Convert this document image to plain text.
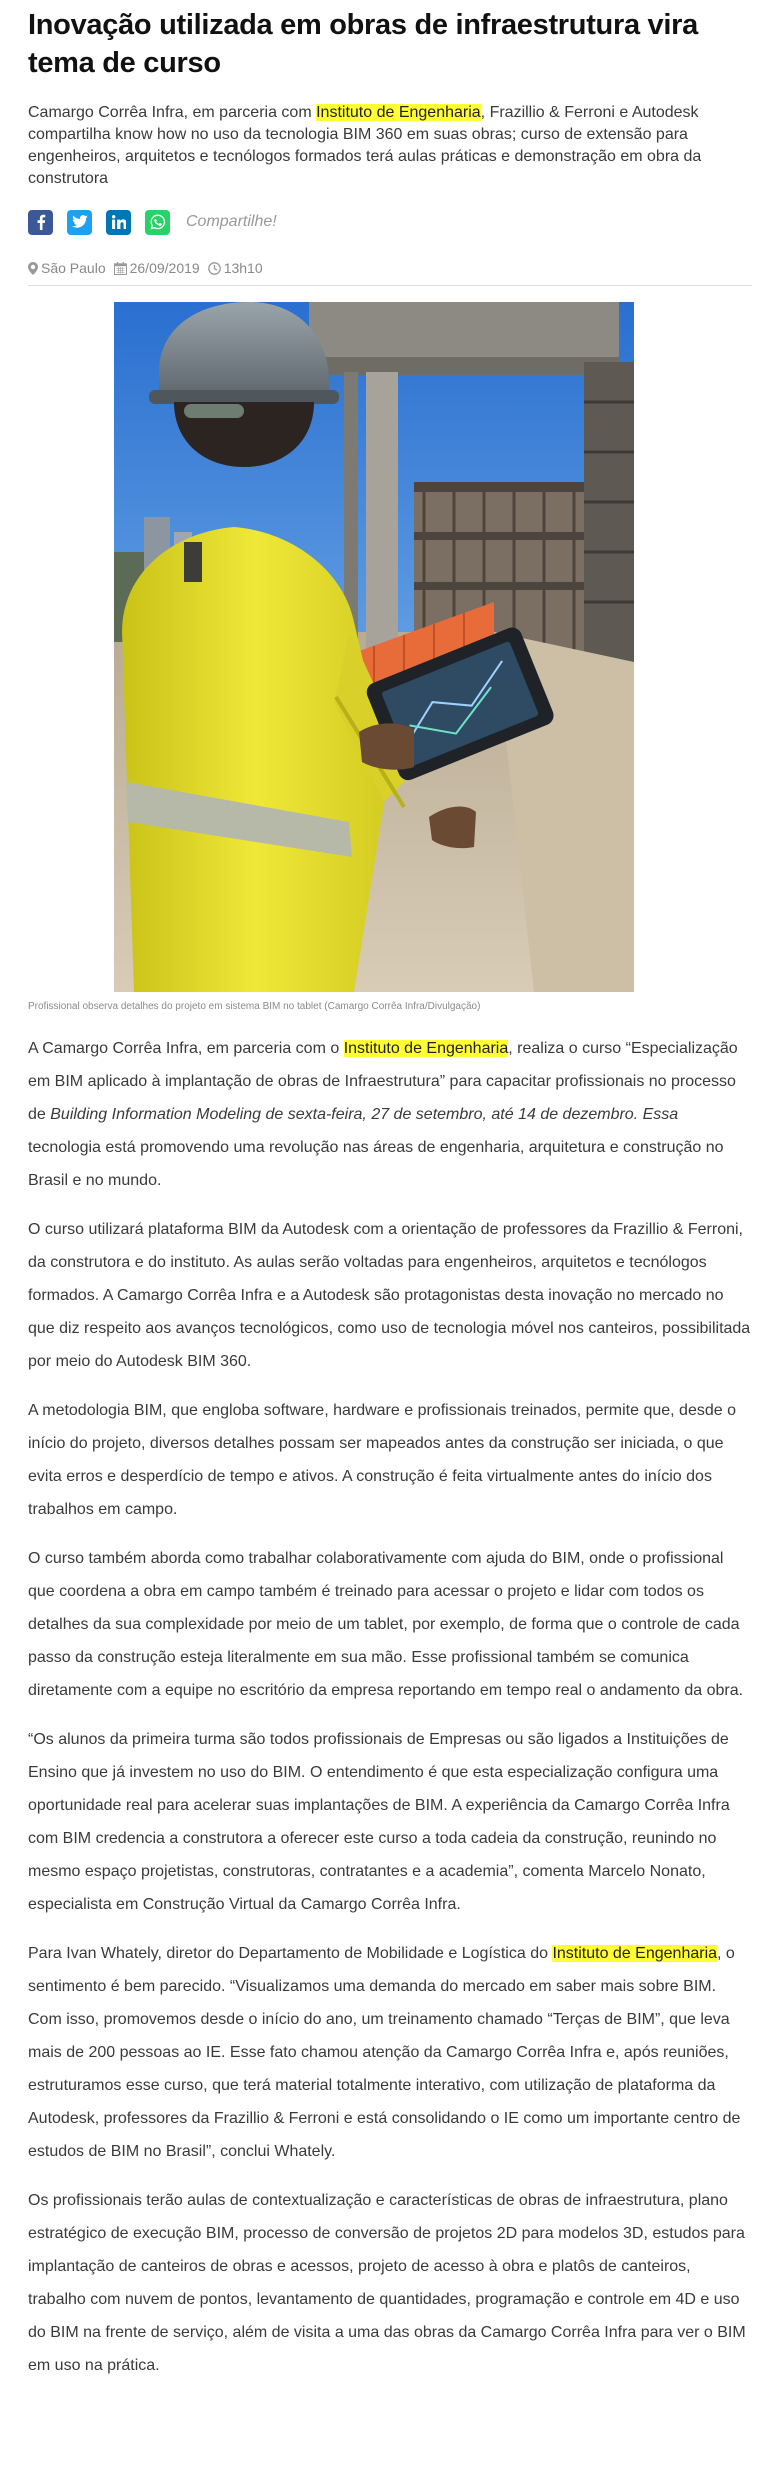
Inovação utilizada em obras de infraestrutura vira tema de curso

Camargo Corrêa Infra, em parceria com Instituto de Engenharia, Frazillio & Ferroni e Autodesk compartilha know how no uso da tecnologia BIM 360 em suas obras; curso de extensão para engenheiros, arquitetos e tecnólogos formados terá aulas práticas e demonstração em obra da construtora

Compartilhe!
São Paulo 26/09/2019 13h10

Profissional observa detalhes do projeto em sistema BIM no tablet (Camargo Corrêa Infra/Divulgação)

A Camargo Corrêa Infra, em parceria com o Instituto de Engenharia, realiza o curso “Especialização em BIM aplicado à implantação de obras de Infraestrutura” para capacitar profissionais no processo de Building Information Modeling de sexta-feira, 27 de setembro, até 14 de dezembro. Essa tecnologia está promovendo uma revolução nas áreas de engenharia, arquitetura e construção no Brasil e no mundo.

O curso utilizará plataforma BIM da Autodesk com a orientação de professores da Frazillio & Ferroni, da construtora e do instituto. As aulas serão voltadas para engenheiros, arquitetos e tecnólogos formados. A Camargo Corrêa Infra e a Autodesk são protagonistas desta inovação no mercado no que diz respeito aos avanços tecnológicos, como uso de tecnologia móvel nos canteiros, possibilitada por meio do Autodesk BIM 360.

A metodologia BIM, que engloba software, hardware e profissionais treinados, permite que, desde o início do projeto, diversos detalhes possam ser mapeados antes da construção ser iniciada, o que evita erros e desperdício de tempo e ativos. A construção é feita virtualmente antes do início dos trabalhos em campo.

O curso também aborda como trabalhar colaborativamente com ajuda do BIM, onde o profissional que coordena a obra em campo também é treinado para acessar o projeto e lidar com todos os detalhes da sua complexidade por meio de um tablet, por exemplo, de forma que o controle de cada passo da construção esteja literalmente em sua mão. Esse profissional também se comunica diretamente com a equipe no escritório da empresa reportando em tempo real o andamento da obra.

“Os alunos da primeira turma são todos profissionais de Empresas ou são ligados a Instituições de Ensino que já investem no uso do BIM. O entendimento é que esta especialização configura uma oportunidade real para acelerar suas implantações de BIM. A experiência da Camargo Corrêa Infra com BIM credencia a construtora a oferecer este curso a toda cadeia da construção, reunindo no mesmo espaço projetistas, construtoras, contratantes e a academia”, comenta Marcelo Nonato, especialista em Construção Virtual da Camargo Corrêa Infra.

Para Ivan Whately, diretor do Departamento de Mobilidade e Logística do Instituto de Engenharia, o sentimento é bem parecido. “Visualizamos uma demanda do mercado em saber mais sobre BIM. Com isso, promovemos desde o início do ano, um treinamento chamado “Terças de BIM”, que leva mais de 200 pessoas ao IE. Esse fato chamou atenção da Camargo Corrêa Infra e, após reuniões, estruturamos esse curso, que terá material totalmente interativo, com utilização de plataforma da Autodesk, professores da Frazillio & Ferroni e está consolidando o IE como um importante centro de estudos de BIM no Brasil”, conclui Whately.

Os profissionais terão aulas de contextualização e características de obras de infraestrutura, plano estratégico de execução BIM, processo de conversão de projetos 2D para modelos 3D, estudos para implantação de canteiros de obras e acessos, projeto de acesso à obra e platôs de canteiros, trabalho com nuvem de pontos, levantamento de quantidades, programação e controle em 4D e uso do BIM na frente de serviço, além de visita a uma das obras da Camargo Corrêa Infra para ver o BIM em uso na prática.
